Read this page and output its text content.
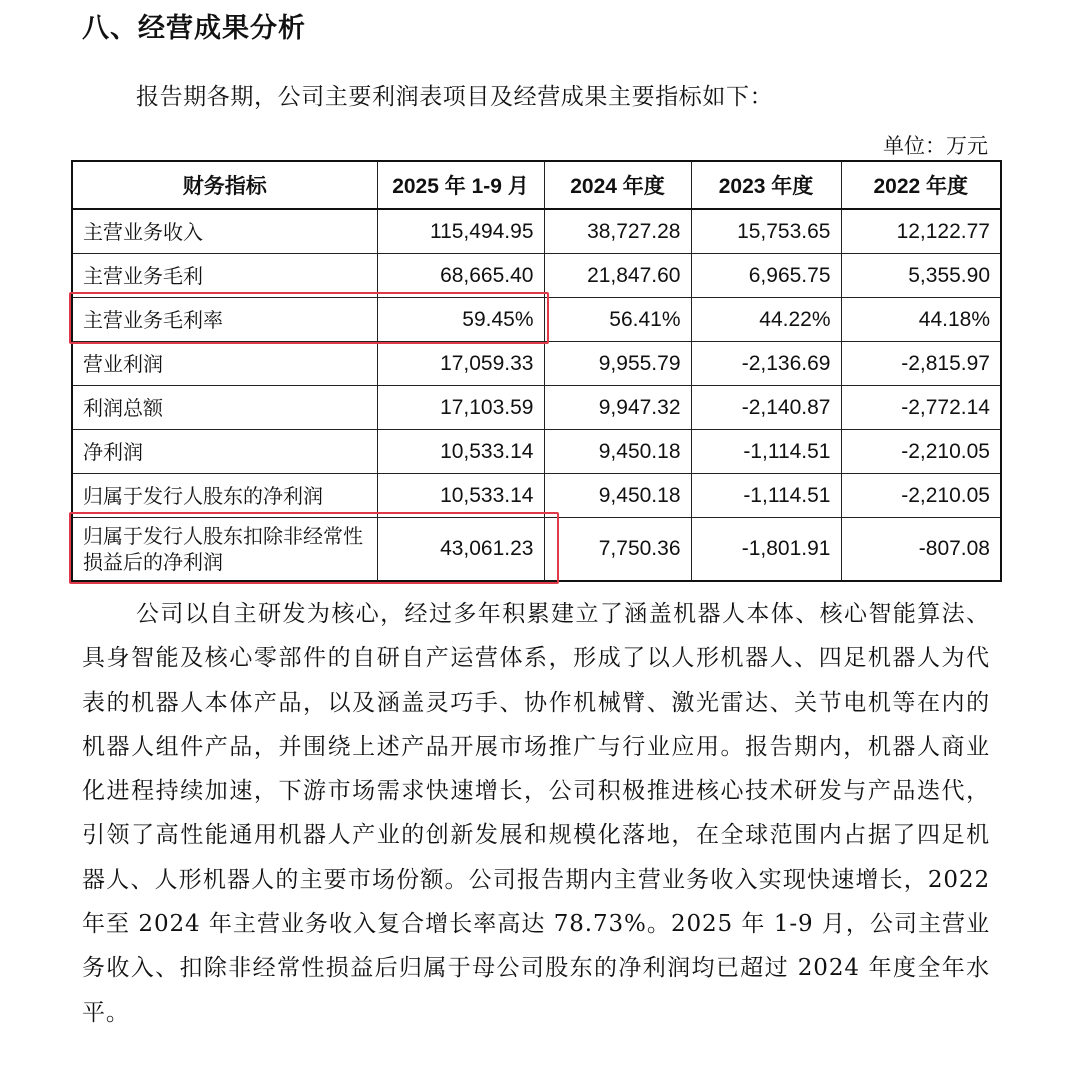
八、经营成果分析
报告期各期，公司主要利润表项目及经营成果主要指标如下：
单位：万元
财务指标	2025 年 1-9 月	2024 年度	2023 年度	2022 年度
主营业务收入	115,494.95	38,727.28	15,753.65	12,122.77
主营业务毛利	68,665.40	21,847.60	6,965.75	5,355.90
主营业务毛利率	59.45%	56.41%	44.22%	44.18%
营业利润	17,059.33	9,955.79	-2,136.69	-2,815.97
利润总额	17,103.59	9,947.32	-2,140.87	-2,772.14
净利润	10,533.14	9,450.18	-1,114.51	-2,210.05
归属于发行人股东的净利润	10,533.14	9,450.18	-1,114.51	-2,210.05
归属于发行人股东扣除非经常性损益后的净利润	43,061.23	7,750.36	-1,801.91	-807.08

公司以自主研发为核心，经过多年积累建立了涵盖机器人本体、核心智能算法、具身智能及核心零部件的自研自产运营体系，形成了以人形机器人、四足机器人为代表的机器人本体产品，以及涵盖灵巧手、协作机械臂、激光雷达、关节电机等在内的机器人组件产品，并围绕上述产品开展市场推广与行业应用。报告期内，机器人商业化进程持续加速，下游市场需求快速增长，公司积极推进核心技术研发与产品迭代，引领了高性能通用机器人产业的创新发展和规模化落地，在全球范围内占据了四足机器人、人形机器人的主要市场份额。公司报告期内主营业务收入实现快速增长，2022 年至 2024 年主营业务收入复合增长率高达 78.73%。2025 年 1-9 月，公司主营业务收入、扣除非经常性损益后归属于母公司股东的净利润均已超过 2024 年度全年水平。
